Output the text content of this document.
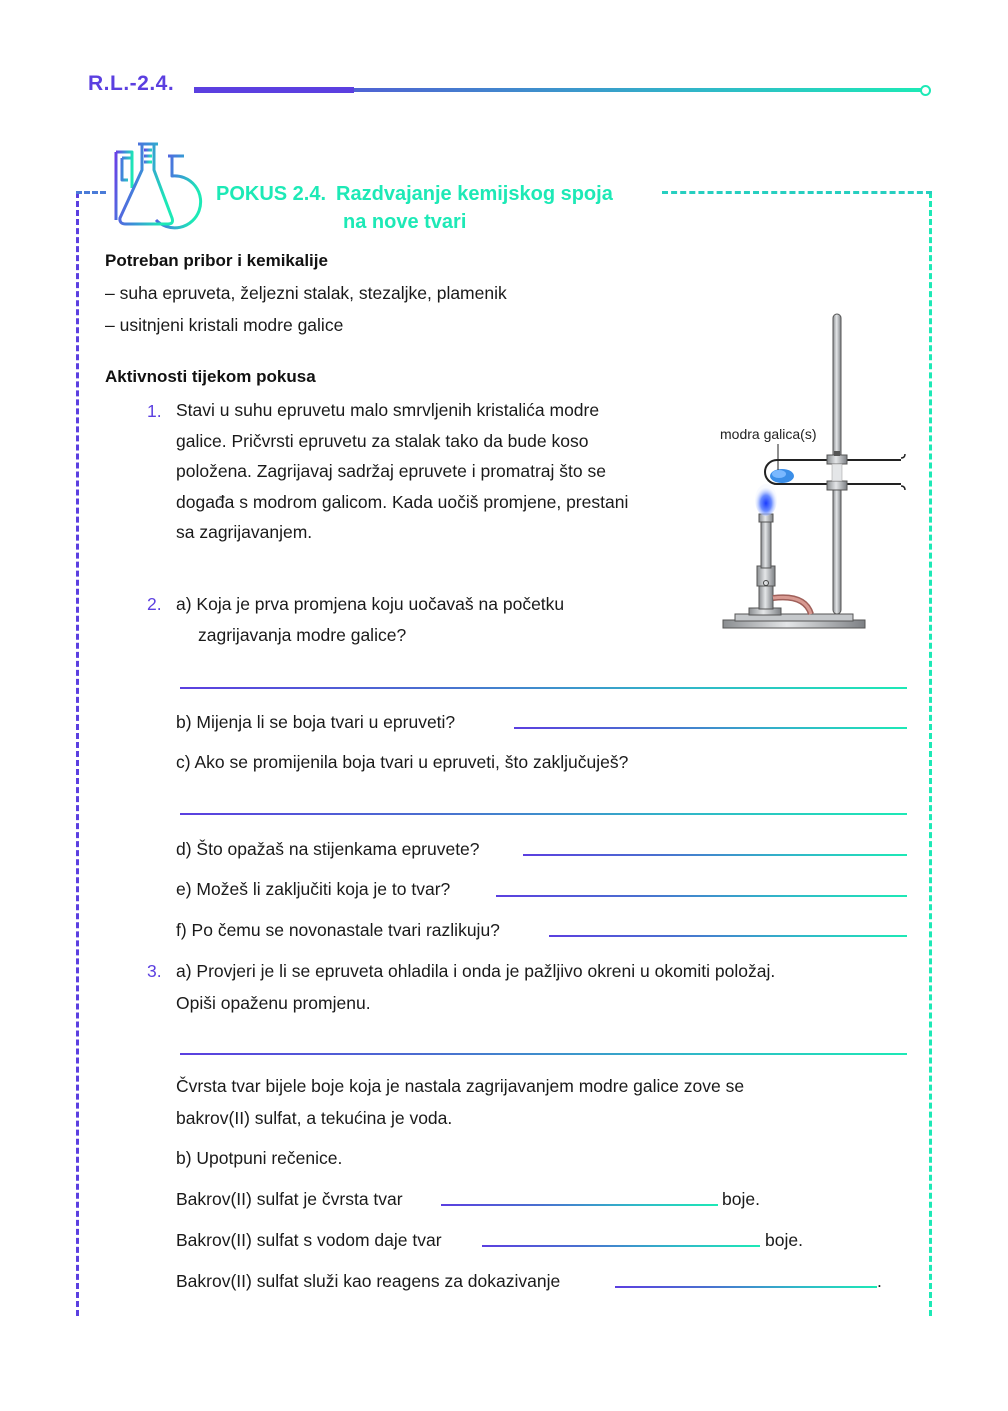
R.L.-2.4.
POKUS 2.4. Razdvajanje kemijskog spoja
na nove tvari
Potreban pribor i kemikalije
– suha epruveta, željezni stalak, stezaljke, plamenik
– usitnjeni kristali modre galice
Aktivnosti tijekom pokusa
1. Stavi u suhu epruvetu malo smrvljenih kristalića modre
galice. Pričvrsti epruvetu za stalak tako da bude koso
položena. Zagrijavaj sadržaj epruvete i promatraj što se
događa s modrom galicom. Kada uočiš promjene, prestani
sa zagrijavanjem.
modra galica(s)
2. a) Koja je prva promjena koju uočavaš na početku
zagrijavanja modre galice?
b) Mijenja li se boja tvari u epruveti?
c) Ako se promijenila boja tvari u epruveti, što zaključuješ?
d) Što opažaš na stijenkama epruvete?
e) Možeš li zaključiti koja je to tvar?
f) Po čemu se novonastale tvari razlikuju?
3. a) Provjeri je li se epruveta ohladila i onda je pažljivo okreni u okomiti položaj.
Opiši opaženu promjenu.
Čvrsta tvar bijele boje koja je nastala zagrijavanjem modre galice zove se
bakrov(II) sulfat, a tekućina je voda.
b) Upotpuni rečenice.
Bakrov(II) sulfat je čvrsta tvar	boje.
Bakrov(II) sulfat s vodom daje tvar	boje.
Bakrov(II) sulfat služi kao reagens za dokazivanje	.
